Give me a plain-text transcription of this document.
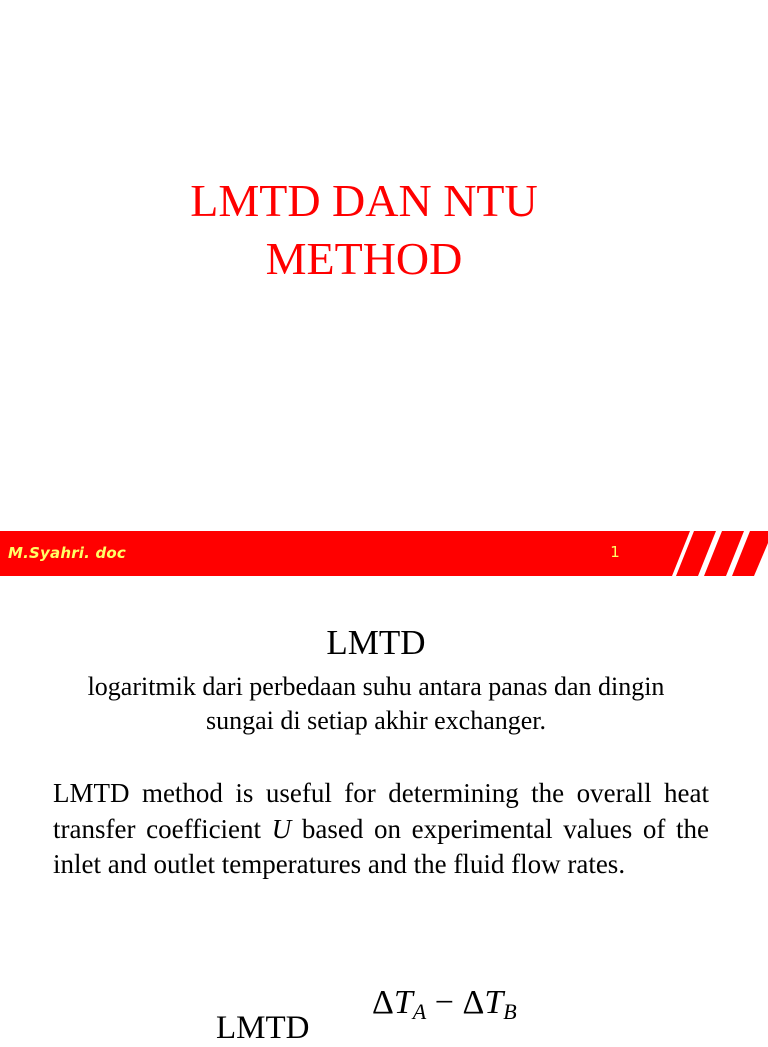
LMTD DAN NTU
METHOD
M.Syahri. doc	1
LMTD
logaritmik dari perbedaan suhu antara panas dan dingin sungai di setiap akhir exchanger.
LMTD method is useful for determining the overall heat transfer coefficient U based on experimental values of the inlet and outlet temperatures and the fluid flow rates.
LMTD
$\Delta T_A - \Delta T_B$
